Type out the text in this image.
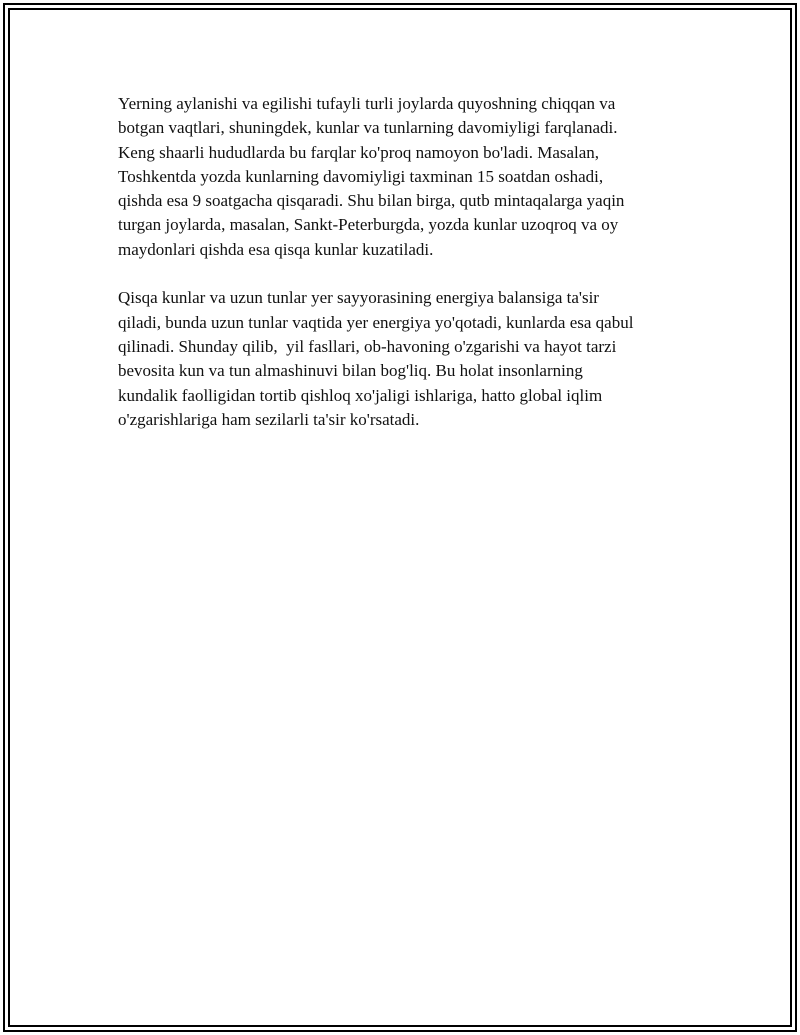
Yerning aylanishi va egilishi tufayli turli joylarda quyoshning chiqqan va
botgan vaqtlari, shuningdek, kunlar va tunlarning davomiyligi farqlanadi.
Keng shaarli hududlarda bu farqlar ko'proq namoyon bo'ladi. Masalan,
Toshkentda yozda kunlarning davomiyligi taxminan 15 soatdan oshadi,
qishda esa 9 soatgacha qisqaradi. Shu bilan birga, qutb mintaqalarga yaqin
turgan joylarda, masalan, Sankt-Peterburgda, yozda kunlar uzoqroq va oy
maydonlari qishda esa qisqa kunlar kuzatiladi.
Qisqa kunlar va uzun tunlar yer sayyorasining energiya balansiga ta'sir
qiladi, bunda uzun tunlar vaqtida yer energiya yo'qotadi, kunlarda esa qabul
qilinadi. Shunday qilib,  yil fasllari, ob-havoning o'zgarishi va hayot tarzi
bevosita kun va tun almashinuvi bilan bog'liq. Bu holat insonlarning
kundalik faolligidan tortib qishloq xo'jaligi ishlariga, hatto global iqlim
o'zgarishlariga ham sezilarli ta'sir ko'rsatadi.
